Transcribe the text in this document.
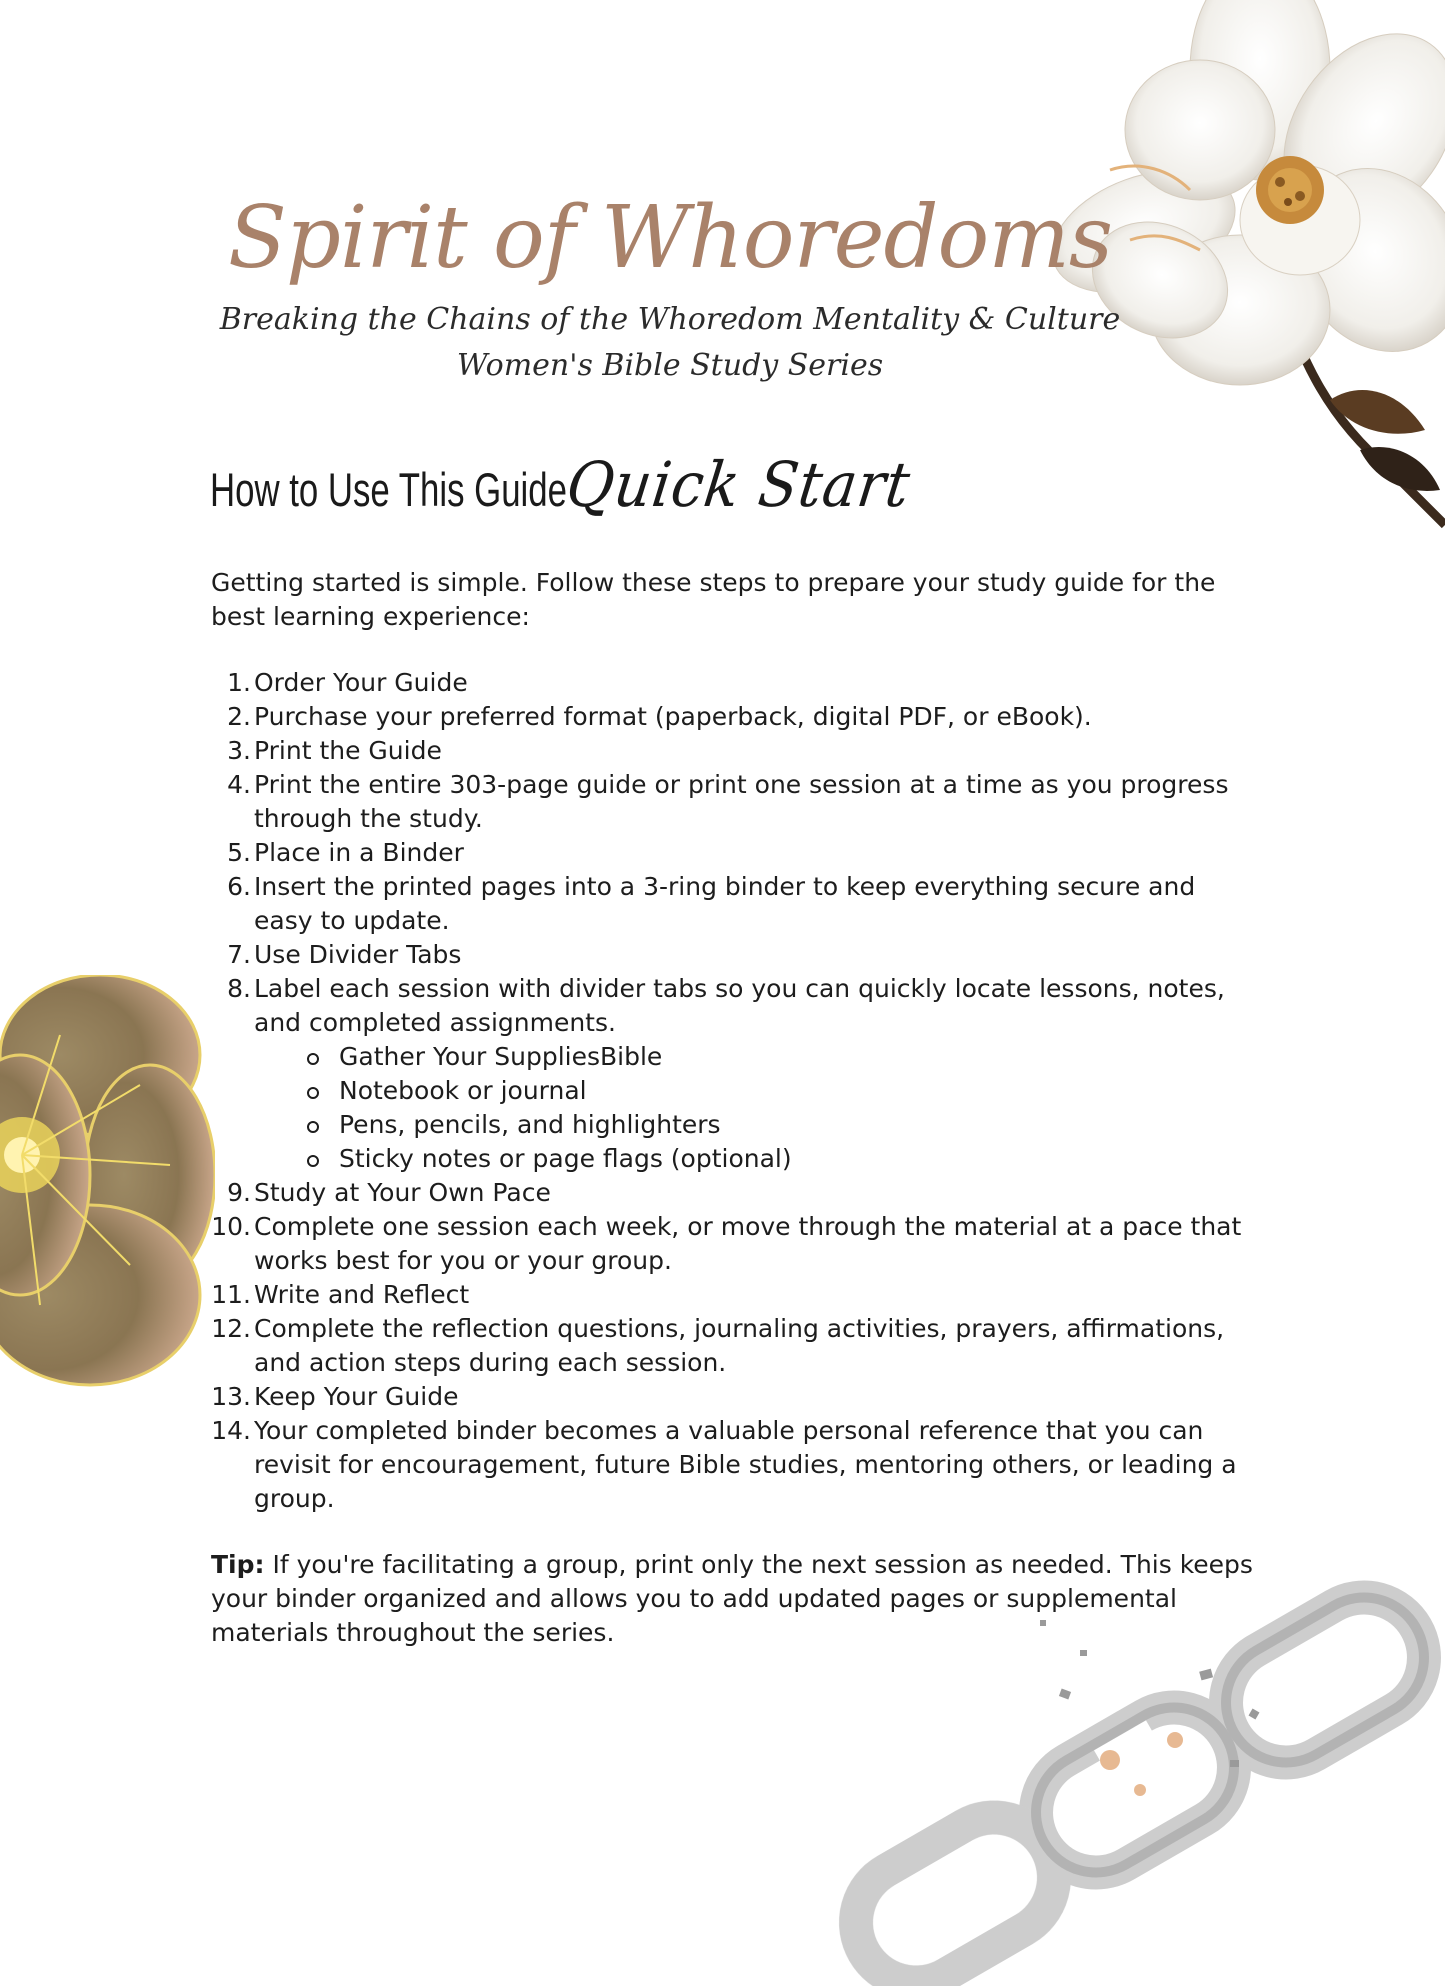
Spirit of Whoredoms
Breaking the Chains of the Whoredom Mentality & Culture
Women's Bible Study Series
How to Use This Guide
Quick Start

Getting started is simple. Follow these steps to prepare your study guide for the best learning experience:

1. Order Your Guide
2. Purchase your preferred format (paperback, digital PDF, or eBook).
3. Print the Guide
4. Print the entire 303-page guide or print one session at a time as you progress through the study.
5. Place in a Binder
6. Insert the printed pages into a 3-ring binder to keep everything secure and easy to update.
7. Use Divider Tabs
8. Label each session with divider tabs so you can quickly locate lessons, notes, and completed assignments.
Gather Your SuppliesBible
Notebook or journal
Pens, pencils, and highlighters
Sticky notes or page flags (optional)
9. Study at Your Own Pace
10. Complete one session each week, or move through the material at a pace that works best for you or your group.
11. Write and Reflect
12. Complete the reflection questions, journaling activities, prayers, affirmations, and action steps during each session.
13. Keep Your Guide
14. Your completed binder becomes a valuable personal reference that you can revisit for encouragement, future Bible studies, mentoring others, or leading a group.

Tip: If you're facilitating a group, print only the next session as needed. This keeps your binder organized and allows you to add updated pages or supplemental materials throughout the series.
